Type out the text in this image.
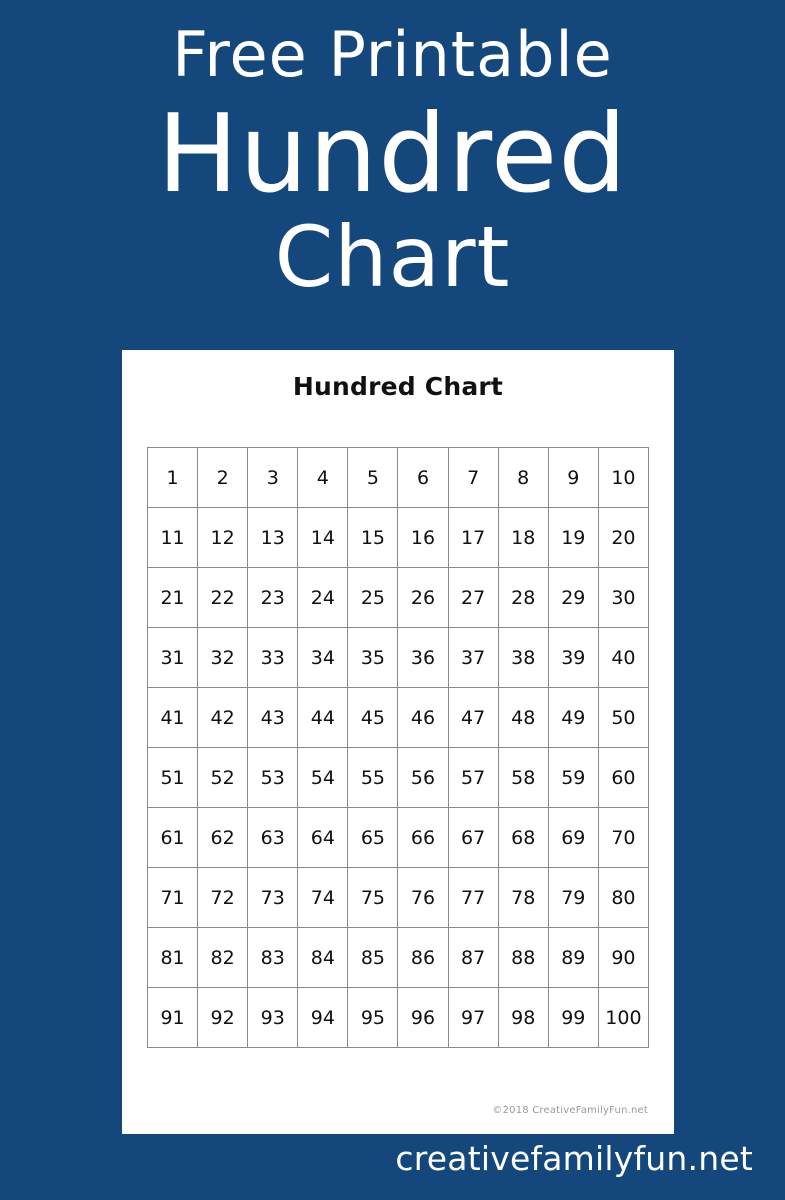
Free Printable
Hundred
Chart
Hundred Chart
1	2	3	4	5	6	7	8	9	10
11	12	13	14	15	16	17	18	19	20
21	22	23	24	25	26	27	28	29	30
31	32	33	34	35	36	37	38	39	40
41	42	43	44	45	46	47	48	49	50
51	52	53	54	55	56	57	58	59	60
61	62	63	64	65	66	67	68	69	70
71	72	73	74	75	76	77	78	79	80
81	82	83	84	85	86	87	88	89	90
91	92	93	94	95	96	97	98	99	100
©2018 CreativeFamilyFun.net
creativefamilyfun.net
